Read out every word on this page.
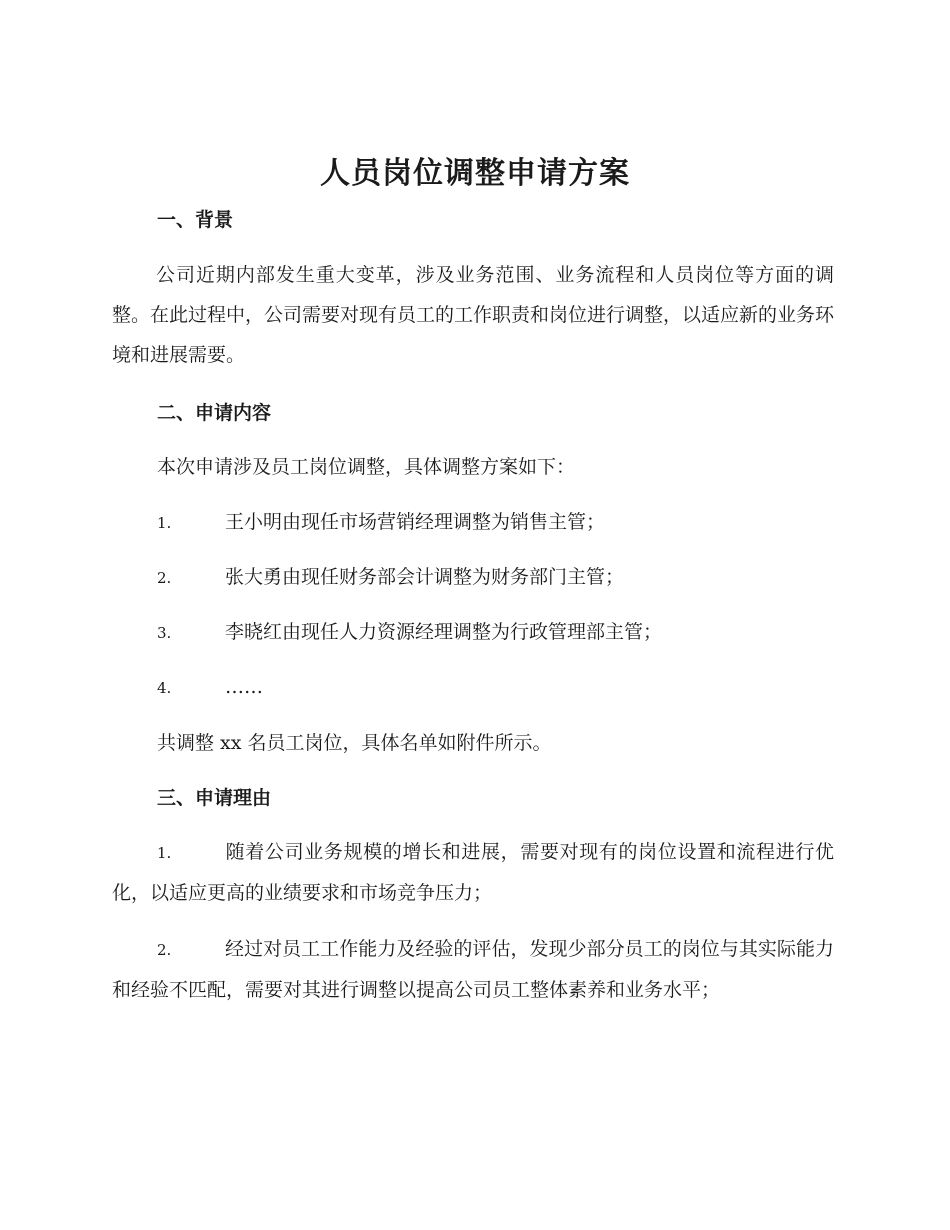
人员岗位调整申请方案
一、背景

公司近期内部发生重大变革，涉及业务范围、业务流程和人员岗位等方面的调整。在此过程中，公司需要对现有员工的工作职责和岗位进行调整，以适应新的业务环境和进展需要。

二、申请内容

本次申请涉及员工岗位调整，具体调整方案如下：

1.	王小明由现任市场营销经理调整为销售主管；
2.	张大勇由现任财务部会计调整为财务部门主管；
3.	李晓红由现任人力资源经理调整为行政管理部主管；
4.	……

共调整 xx 名员工岗位，具体名单如附件所示。

三、申请理由

1.	随着公司业务规模的增长和进展，需要对现有的岗位设置和流程进行优化，以适应更高的业绩要求和市场竞争压力；

2.	经过对员工工作能力及经验的评估，发现少部分员工的岗位与其实际能力和经验不匹配，需要对其进行调整以提高公司员工整体素养和业务水平；
